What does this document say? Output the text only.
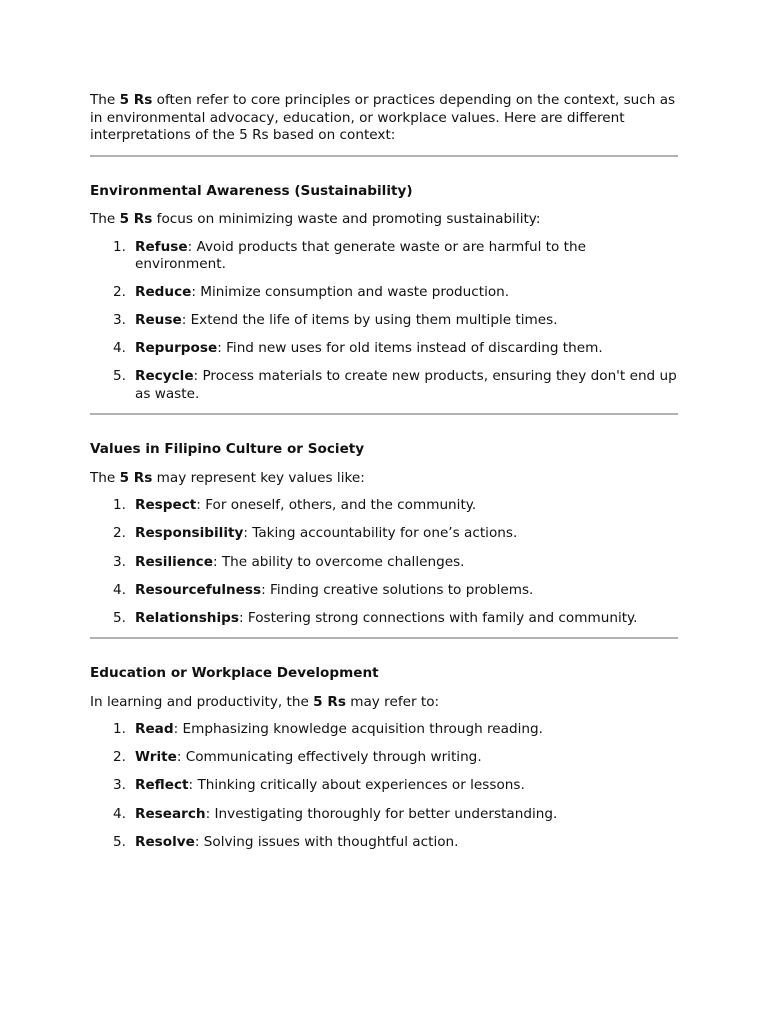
The 5 Rs often refer to core principles or practices depending on the context, such as in environmental advocacy, education, or workplace values. Here are different interpretations of the 5 Rs based on context:

Environmental Awareness (Sustainability)

The 5 Rs focus on minimizing waste and promoting sustainability:

1. Refuse: Avoid products that generate waste or are harmful to the environment.
2. Reduce: Minimize consumption and waste production.
3. Reuse: Extend the life of items by using them multiple times.
4. Repurpose: Find new uses for old items instead of discarding them.
5. Recycle: Process materials to create new products, ensuring they don't end up as waste.

Values in Filipino Culture or Society

The 5 Rs may represent key values like:

1. Respect: For oneself, others, and the community.
2. Responsibility: Taking accountability for one’s actions.
3. Resilience: The ability to overcome challenges.
4. Resourcefulness: Finding creative solutions to problems.
5. Relationships: Fostering strong connections with family and community.

Education or Workplace Development

In learning and productivity, the 5 Rs may refer to:

1. Read: Emphasizing knowledge acquisition through reading.
2. Write: Communicating effectively through writing.
3. Reflect: Thinking critically about experiences or lessons.
4. Research: Investigating thoroughly for better understanding.
5. Resolve: Solving issues with thoughtful action.
